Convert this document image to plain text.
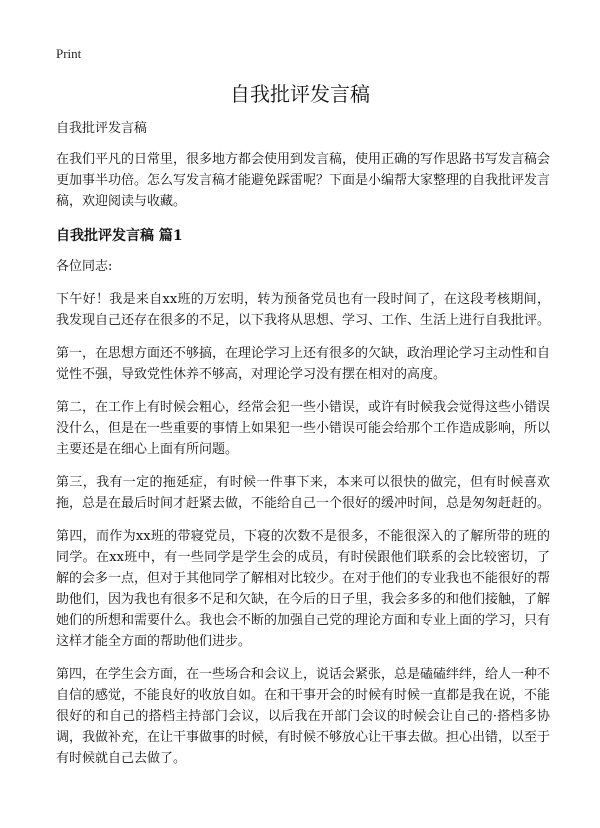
Print
自我批评发言稿

自我批评发言稿

在我们平凡的日常里，很多地方都会使用到发言稿，使用正确的写作思路书写发言稿会更加事半功倍。怎么写发言稿才能避免踩雷呢？下面是小编帮大家整理的自我批评发言稿，欢迎阅读与收藏。

自我批评发言稿 篇1

各位同志:

下午好！我是来自xx班的万宏明，转为预备党员也有一段时间了，在这段考核期间，我发现自己还存在很多的不足，以下我将从思想、学习、工作、生活上进行自我批评。

第一，在思想方面还不够搞，在理论学习上还有很多的欠缺，政治理论学习主动性和自觉性不强，导致党性休养不够高，对理论学习没有摆在相对的高度。

第二，在工作上有时候会粗心，经常会犯一些小错误，或许有时候我会觉得这些小错误没什么，但是在一些重要的事情上如果犯一些小错误可能会给那个工作造成影响，所以主要还是在细心上面有所问题。

第三，我有一定的拖延症，有时候一件事下来，本来可以很快的做完，但有时候喜欢拖，总是在最后时间才赶紧去做，不能给自己一个很好的缓冲时间，总是匆匆赶赶的。

第四，而作为xx班的带寝党员，下寝的次数不是很多，不能很深入的了解所带的班的同学。在xx班中，有一些同学是学生会的成员，有时侯跟他们联系的会比较密切，了解的会多一点，但对于其他同学了解相对比较少。在对于他们的专业我也不能很好的帮助他们，因为我也有很多不足和欠缺，在今后的日子里，我会多多的和他们接触，了解她们的所想和需要什么。我也会不断的加强自己党的理论方面和专业上面的学习，只有这样才能全方面的帮助他们进步。

第四，在学生会方面，在一些场合和会议上，说话会紧张，总是磕磕绊绊，给人一种不自信的感觉，不能良好的收放自如。在和干事开会的时候有时候一直都是我在说，不能很好的和自己的搭档主持部门会议，以后我在开部门会议的时候会让自己的·搭档多协调，我做补充，在让干事做事的时候，有时候不够放心让干事去做。担心出错，以至于有时候就自己去做了。
